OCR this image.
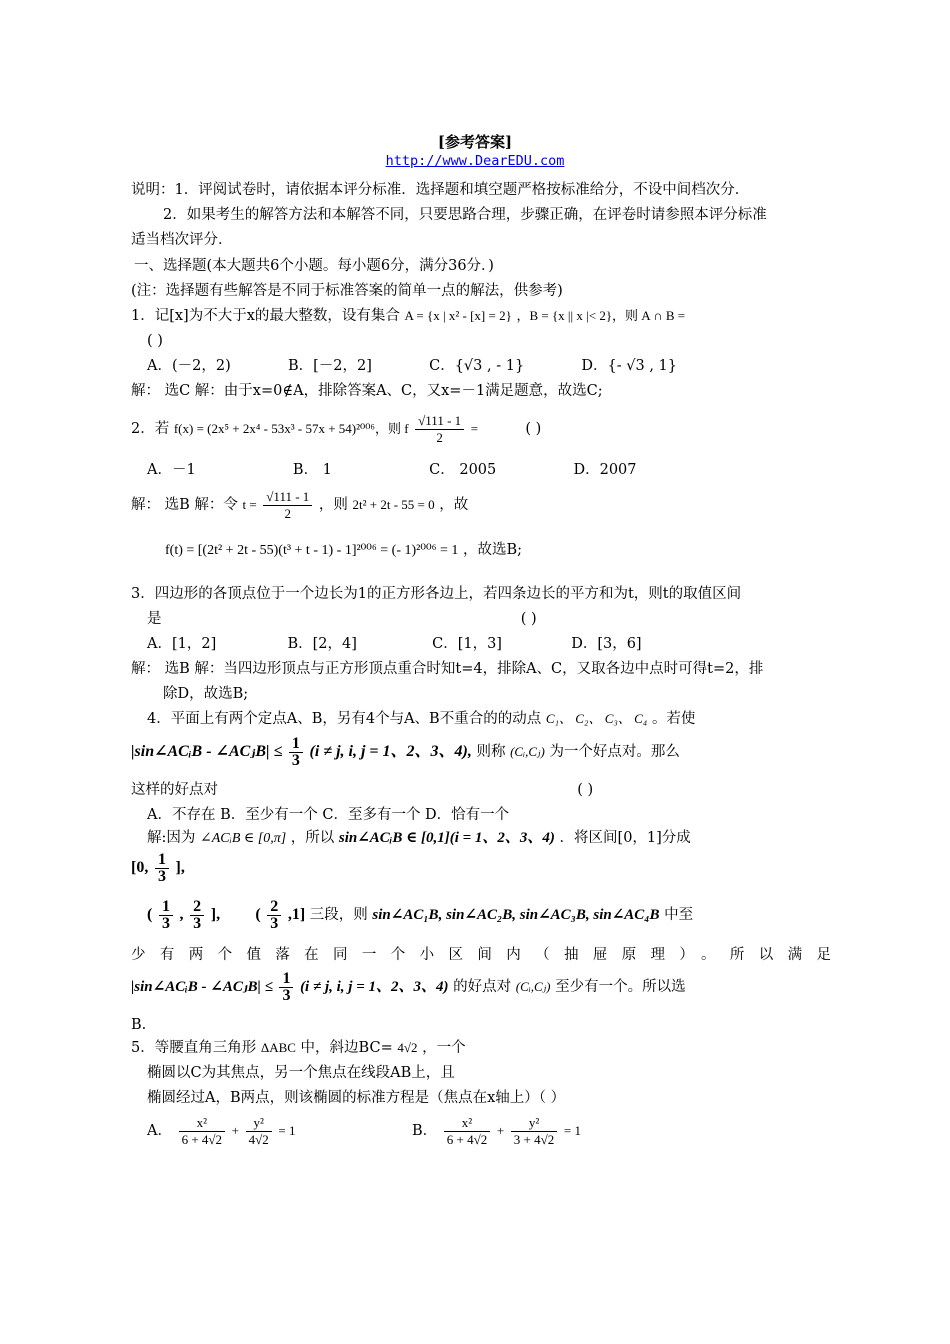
[参考答案]
http://www.DearEDU.com
说明：1．评阅试卷时，请依据本评分标准．选择题和填空题严格按标准给分，不设中间档次分．
2．如果考生的解答方法和本解答不同，只要思路合理，步骤正确，在评卷时请参照本评分标准
适当档次评分．
一、选择题(本大题共6个小题。每小题6分，满分36分．)
(注：选择题有些解答是不同于标准答案的简单一点的解法，供参考)
1．记[x]为不大于x的最大整数，设有集合 A = {x | x² - [x] = 2} ，B = {x || x |< 2}，则 A ∩ B =
( )
A．(－2，2)	B．[－2，2]	C．{√3 , - 1}	D．{- √3 , 1}
解： 选C 解：由于x=0∉A，排除答案A、C，又x=－1满足题意，故选C;
2．若 f(x) = (2x⁵ + 2x⁴ - 53x³ - 57x + 54)²⁰⁰⁶，则 f $\frac{√111 - 1}{2}$ =	( )
A．－1	B． 1	C． 2005	D．2007
解： 选B 解：令 $t = \frac{√111 - 1}{2}$ ，则 2t² + 2t - 55 = 0 ，故
f(t) = [(2t² + 2t - 55)(t³ + t - 1) - 1]²⁰⁰⁶ = (- 1)²⁰⁰⁶ = 1 ，故选B;
3．四边形的各顶点位于一个边长为1的正方形各边上，若四条边长的平方和为t，则t的取值区间
是	( )
A．[1，2]	B．[2，4]	C．[1，3]	D．[3，6]
解： 选B 解：当四边形顶点与正方形顶点重合时知t=4，排除A、C，又取各边中点时可得t=2，排
除D，故选B;
4．平面上有两个定点A、B，另有4个与A、B不重合的的动点 C₁、 C₂、 C₃、 C₄ 。若使
|sin∠ACᵢB - ∠ACⱼB| ≤ $\frac{1}{3} (i \ne j$, i, j = 1、2、3、4), 则称 (Cᵢ,Cⱼ) 为一个好点对。那么
这样的好点对	( )
A．不存在 B．至少有一个 C．至多有一个 D．恰有一个
解:因为 ∠ACᵢB ∈ [0,π] ，所以 sin∠ACᵢB ∈ [0,1](i = 1、2、3、4) ．将区间[0，1]分成
[0, $\frac{1}{3}$ ],
( $\frac{1}{3}$ , $\frac{2}{3}$ ], ( $\frac{2}{3} ,1$] 三段，则 sin∠AC₁B, sin∠AC₂B, sin∠AC₃B, sin∠AC₄B 中至
少有两个值落在同一个小区间内（抽屉原理）。所以满足
|sin∠ACᵢB - ∠ACⱼB| ≤ $\frac{1}{3} (i \ne j$, i, j = 1、2、3、4) 的好点对 (Cᵢ,Cⱼ) 至少有一个。所以选
B.
5．等腰直角三角形 ΔABC 中，斜边BC= 4√2 ，一个
椭圆以C为其焦点，另一个焦点在线段AB上，且
椭圆经过A，B两点，则该椭圆的标准方程是（焦点在x轴上）（ ）
A． $\frac{\text{x²}}{6 + 4√2} + \frac{\text{y²}}{4√2} = 1$	B． $\frac{\text{x²}}{6 + 4√2} + \frac{\text{y²}}{3 + 4√2} = 1$
